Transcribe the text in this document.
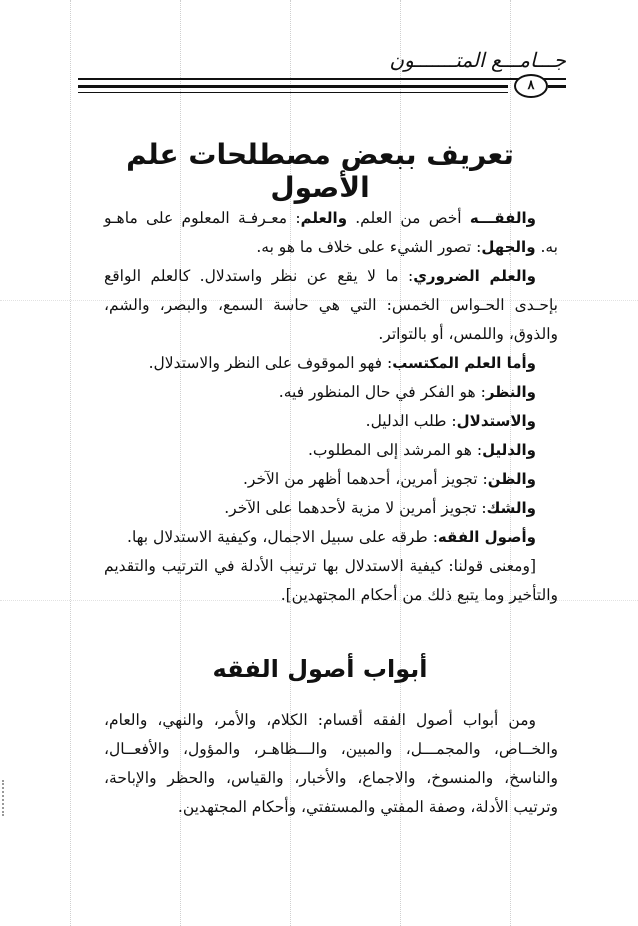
جـــامـــع المتـــــــون
٨
تعريف ببعض مصطلحات علم الأصول
والفقـــه أخص من العلم. والعلم: معـرفـة المعلوم على ماهـو
به. والجهل: تصور الشيء على خلاف ما هو به.
والعلم الضروري: ما لا يقع عن نظر واستدلال. كالعلم الواقع
بإحـدى الحـواس الخمس: التي هي حاسة السمع، والبصر، والشم،
والذوق، واللمس، أو بالتواتر.
وأما العلم المكتسب: فهو الموقوف على النظر والاستدلال.
والنظر: هو الفكر في حال المنظور فيه.
والاستدلال: طلب الدليل.
والدليل: هو المرشد إلى المطلوب.
والظن: تجويز أمرين، أحدهما أظهر من الآخر.
والشك: تجويز أمرين لا مزية لأحدهما على الآخر.
وأصول الفقه: طرقه على سبيل الاجمال، وكيفية الاستدلال بها.
[ومعنى قولنا: كيفية الاستدلال بها ترتيب الأدلة في الترتيب والتقديم
والتأخير وما يتبع ذلك من أحكام المجتهدين].
أبواب أصول الفقه
ومن أبواب أصول الفقه أقسام: الكلام، والأمر، والنهي، والعام،
والخــاص، والمجمـــل، والمبين، والـــظاهـر، والمؤول، والأفعــال،
والناسخ، والمنسوخ، والاجماع، والأخبار، والقياس، والحظر والإباحة،
وترتيب الأدلة، وصفة المفتي والمستفتي، وأحكام المجتهدين.
